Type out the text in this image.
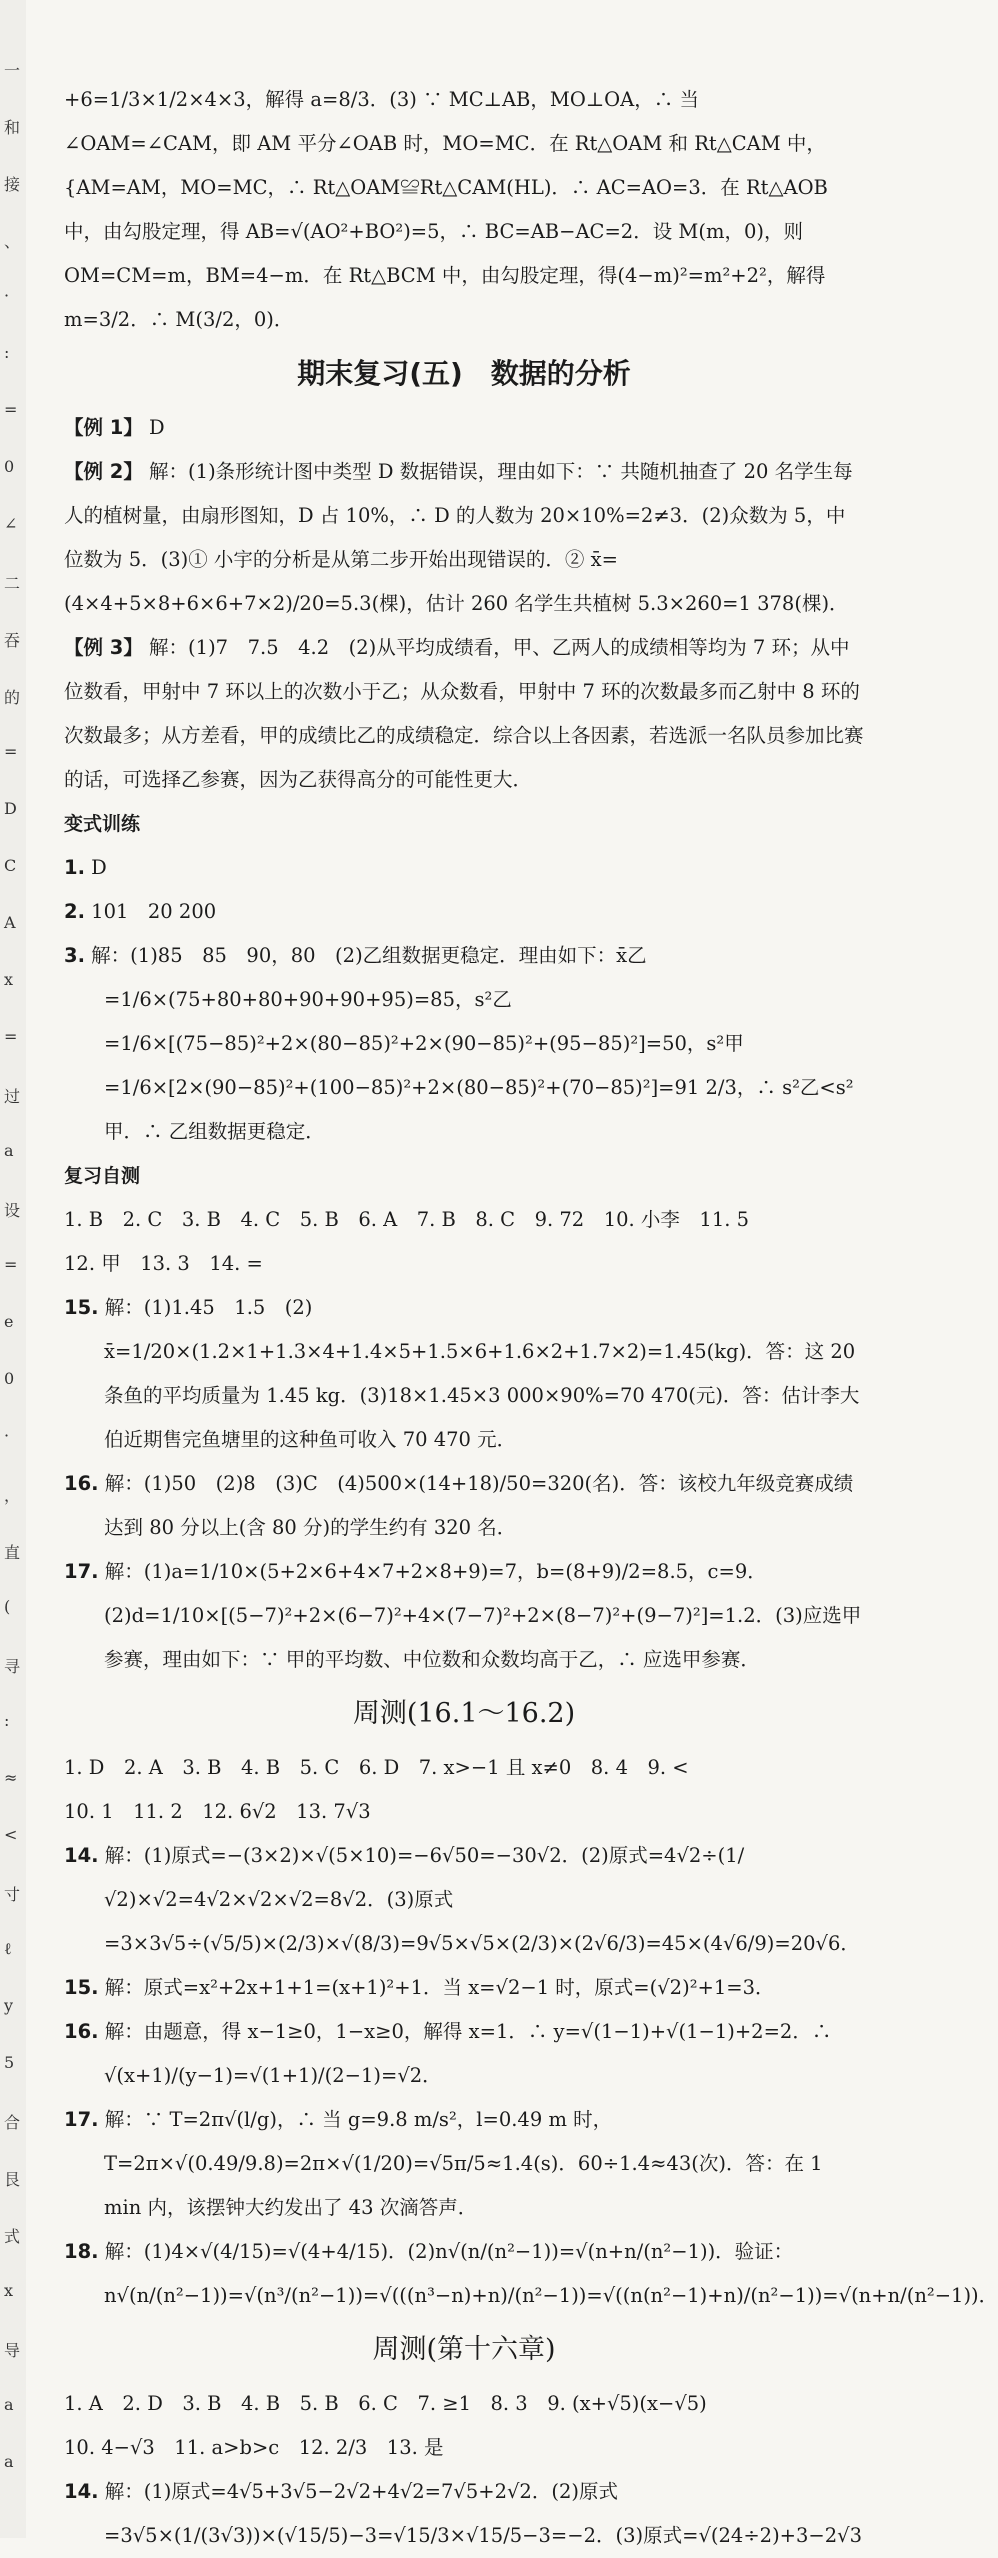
一
和
接
、
·
:
=
0
∠
二
吞
的
=
D
C
A
x
=
过
a
设
=
e
0
·
，
直
(
寻
:
≈
<
寸
ℓ
y
5
合
艮
式
x
导
a
a
+6=1/3×1/2×4×3，解得 a=8/3．(3) ∵ MC⊥AB，MO⊥OA，∴ 当∠OAM=∠CAM，即 AM 平分∠OAB 时，MO=MC．在 Rt△OAM 和 Rt△CAM 中，{AM=AM，MO=MC，∴ Rt△OAM≌Rt△CAM(HL)．∴ AC=AO=3．在 Rt△AOB 中，由勾股定理，得 AB=√(AO²+BO²)=5，∴ BC=AB−AC=2．设 M(m，0)，则 OM=CM=m，BM=4−m．在 Rt△BCM 中，由勾股定理，得(4−m)²=m²+2²，解得 m=3/2．∴ M(3/2，0)．
期末复习(五)　数据的分析
【例 1】 D
【例 2】 解：(1)条形统计图中类型 D 数据错误，理由如下：∵ 共随机抽查了 20 名学生每人的植树量，由扇形图知，D 占 10%，∴ D 的人数为 20×10%=2≠3．(2)众数为 5，中位数为 5．(3)① 小宇的分析是从第二步开始出现错误的．② x̄=(4×4+5×8+6×6+7×2)/20=5.3(棵)，估计 260 名学生共植树 5.3×260=1 378(棵)．
【例 3】 解：(1)7　7.5　4.2　(2)从平均成绩看，甲、乙两人的成绩相等均为 7 环；从中位数看，甲射中 7 环以上的次数小于乙；从众数看，甲射中 7 环的次数最多而乙射中 8 环的次数最多；从方差看，甲的成绩比乙的成绩稳定．综合以上各因素，若选派一名队员参加比赛的话，可选择乙参赛，因为乙获得高分的可能性更大．
变式训练
1. D
2. 101　20 200
3. 解：(1)85　85　90，80　(2)乙组数据更稳定．理由如下：x̄乙=1/6×(75+80+80+90+90+95)=85，s²乙=1/6×[(75−85)²+2×(80−85)²+2×(90−85)²+(95−85)²]=50，s²甲=1/6×[2×(90−85)²+(100−85)²+2×(80−85)²+(70−85)²]=91 2/3，∴ s²乙<s²甲．∴ 乙组数据更稳定．
复习自测
1. B　2. C　3. B　4. C　5. B　6. A　7. B　8. C　9. 72　10. 小李　11. 5
12. 甲　13. 3　14. =
15. 解：(1)1.45　1.5　(2) x̄=1/20×(1.2×1+1.3×4+1.4×5+1.5×6+1.6×2+1.7×2)=1.45(kg)．答：这 20 条鱼的平均质量为 1.45 kg．(3)18×1.45×3 000×90%=70 470(元)．答：估计李大伯近期售完鱼塘里的这种鱼可收入 70 470 元．
16. 解：(1)50　(2)8　(3)C　(4)500×(14+18)/50=320(名)．答：该校九年级竞赛成绩达到 80 分以上(含 80 分)的学生约有 320 名．
17. 解：(1)a=1/10×(5+2×6+4×7+2×8+9)=7，b=(8+9)/2=8.5，c=9．(2)d=1/10×[(5−7)²+2×(6−7)²+4×(7−7)²+2×(8−7)²+(9−7)²]=1.2．(3)应选甲参赛，理由如下：∵ 甲的平均数、中位数和众数均高于乙，∴ 应选甲参赛．
周测(16.1～16.2)
1. D　2. A　3. B　4. B　5. C　6. D　7. x>−1 且 x≠0　8. 4　9. <
10. 1　11. 2　12. 6√2　13. 7√3
14. 解：(1)原式=−(3×2)×√(5×10)=−6√50=−30√2．(2)原式=4√2÷(1/√2)×√2=4√2×√2×√2=8√2．(3)原式=3×3√5÷(√5/5)×(2/3)×√(8/3)=9√5×√5×(2/3)×(2√6/3)=45×(4√6/9)=20√6．
15. 解：原式=x²+2x+1+1=(x+1)²+1．当 x=√2−1 时，原式=(√2)²+1=3．
16. 解：由题意，得 x−1≥0，1−x≥0，解得 x=1．∴ y=√(1−1)+√(1−1)+2=2．∴ √(x+1)/(y−1)=√(1+1)/(2−1)=√2．
17. 解：∵ T=2π√(l/g)，∴ 当 g=9.8 m/s²，l=0.49 m 时，T=2π×√(0.49/9.8)=2π×√(1/20)=√5π/5≈1.4(s)．60÷1.4≈43(次)．答：在 1 min 内，该摆钟大约发出了 43 次滴答声．
18. 解：(1)4×√(4/15)=√(4+4/15)．(2)n√(n/(n²−1))=√(n+n/(n²−1))．验证：n√(n/(n²−1))=√(n³/(n²−1))=√(((n³−n)+n)/(n²−1))=√((n(n²−1)+n)/(n²−1))=√(n+n/(n²−1))．
周测(第十六章)
1. A　2. D　3. B　4. B　5. B　6. C　7. ≥1　8. 3　9. (x+√5)(x−√5)
10. 4−√3　11. a>b>c　12. 2/3　13. 是
14. 解：(1)原式=4√5+3√5−2√2+4√2=7√5+2√2．(2)原式=3√5×(1/(3√3))×(√15/5)−3=√15/3×√15/5−3=−2．(3)原式=√(24÷2)+3−2√3
